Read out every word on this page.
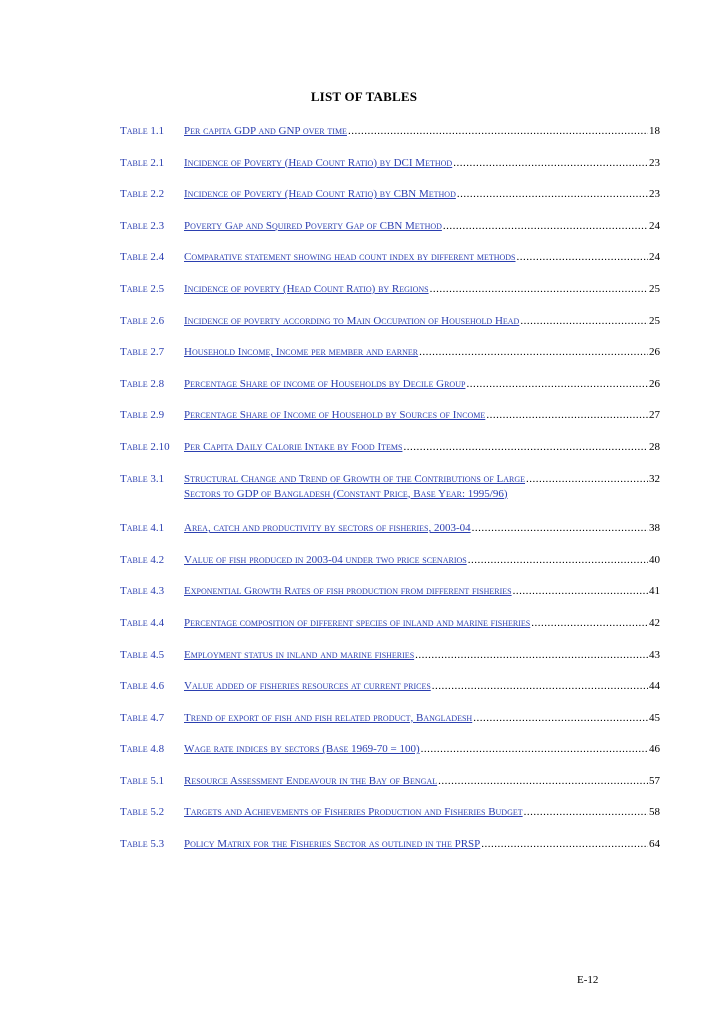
LIST OF TABLES
Table 1.1 Per capita GDP and GNP over time .....	18
Table 2.1 Incidence of Poverty (Head Count Ratio) by DCI Method .....	23
Table 2.2 Incidence of Poverty (Head Count Ratio) by CBN Method .....	23
Table 2.3 Poverty Gap and Squired Poverty Gap of CBN Method .....	24
Table 2.4 Comparative statement showing head count index by different methods .....	24
Table 2.5 Incidence of poverty (Head Count Ratio) by Regions .....	25
Table 2.6 Incidence of poverty according to Main Occupation of Household Head .....	25
Table 2.7 Household Income, Income per member and earner .....	26
Table 2.8 Percentage Share of income of Households by Decile Group .....	26
Table 2.9 Percentage Share of Income of Household by Sources of Income .....	27
Table 2.10 Per Capita Daily Calorie Intake by Food Items .....	28
Table 3.1 Structural Change and Trend of Growth of the Contributions of Large .....	32
Sectors to GDP of Bangladesh (Constant Price, Base Year: 1995/96)
Table 4.1 Area, catch and productivity by sectors of fisheries, 2003-04 .....	38
Table 4.2 Value of fish produced in 2003-04 under two price scenarios .....	40
Table 4.3 Exponential Growth Rates of fish production from different fisheries .....	41
Table 4.4 Percentage composition of different species of inland and marine fisheries .....	42
Table 4.5 Employment status in inland and marine fisheries .....	43
Table 4.6 Value added of fisheries resources at current prices .....	44
Table 4.7 Trend of export of fish and fish related product, Bangladesh .....	45
Table 4.8 Wage rate indices by sectors (Base 1969-70 = 100) .....	46
Table 5.1 Resource Assessment Endeavour in the Bay of Bengal .....	57
Table 5.2 Targets and Achievements of Fisheries Production and Fisheries Budget .....	58
Table 5.3 Policy Matrix for the Fisheries Sector as outlined in the PRSP .....	64
E-12
